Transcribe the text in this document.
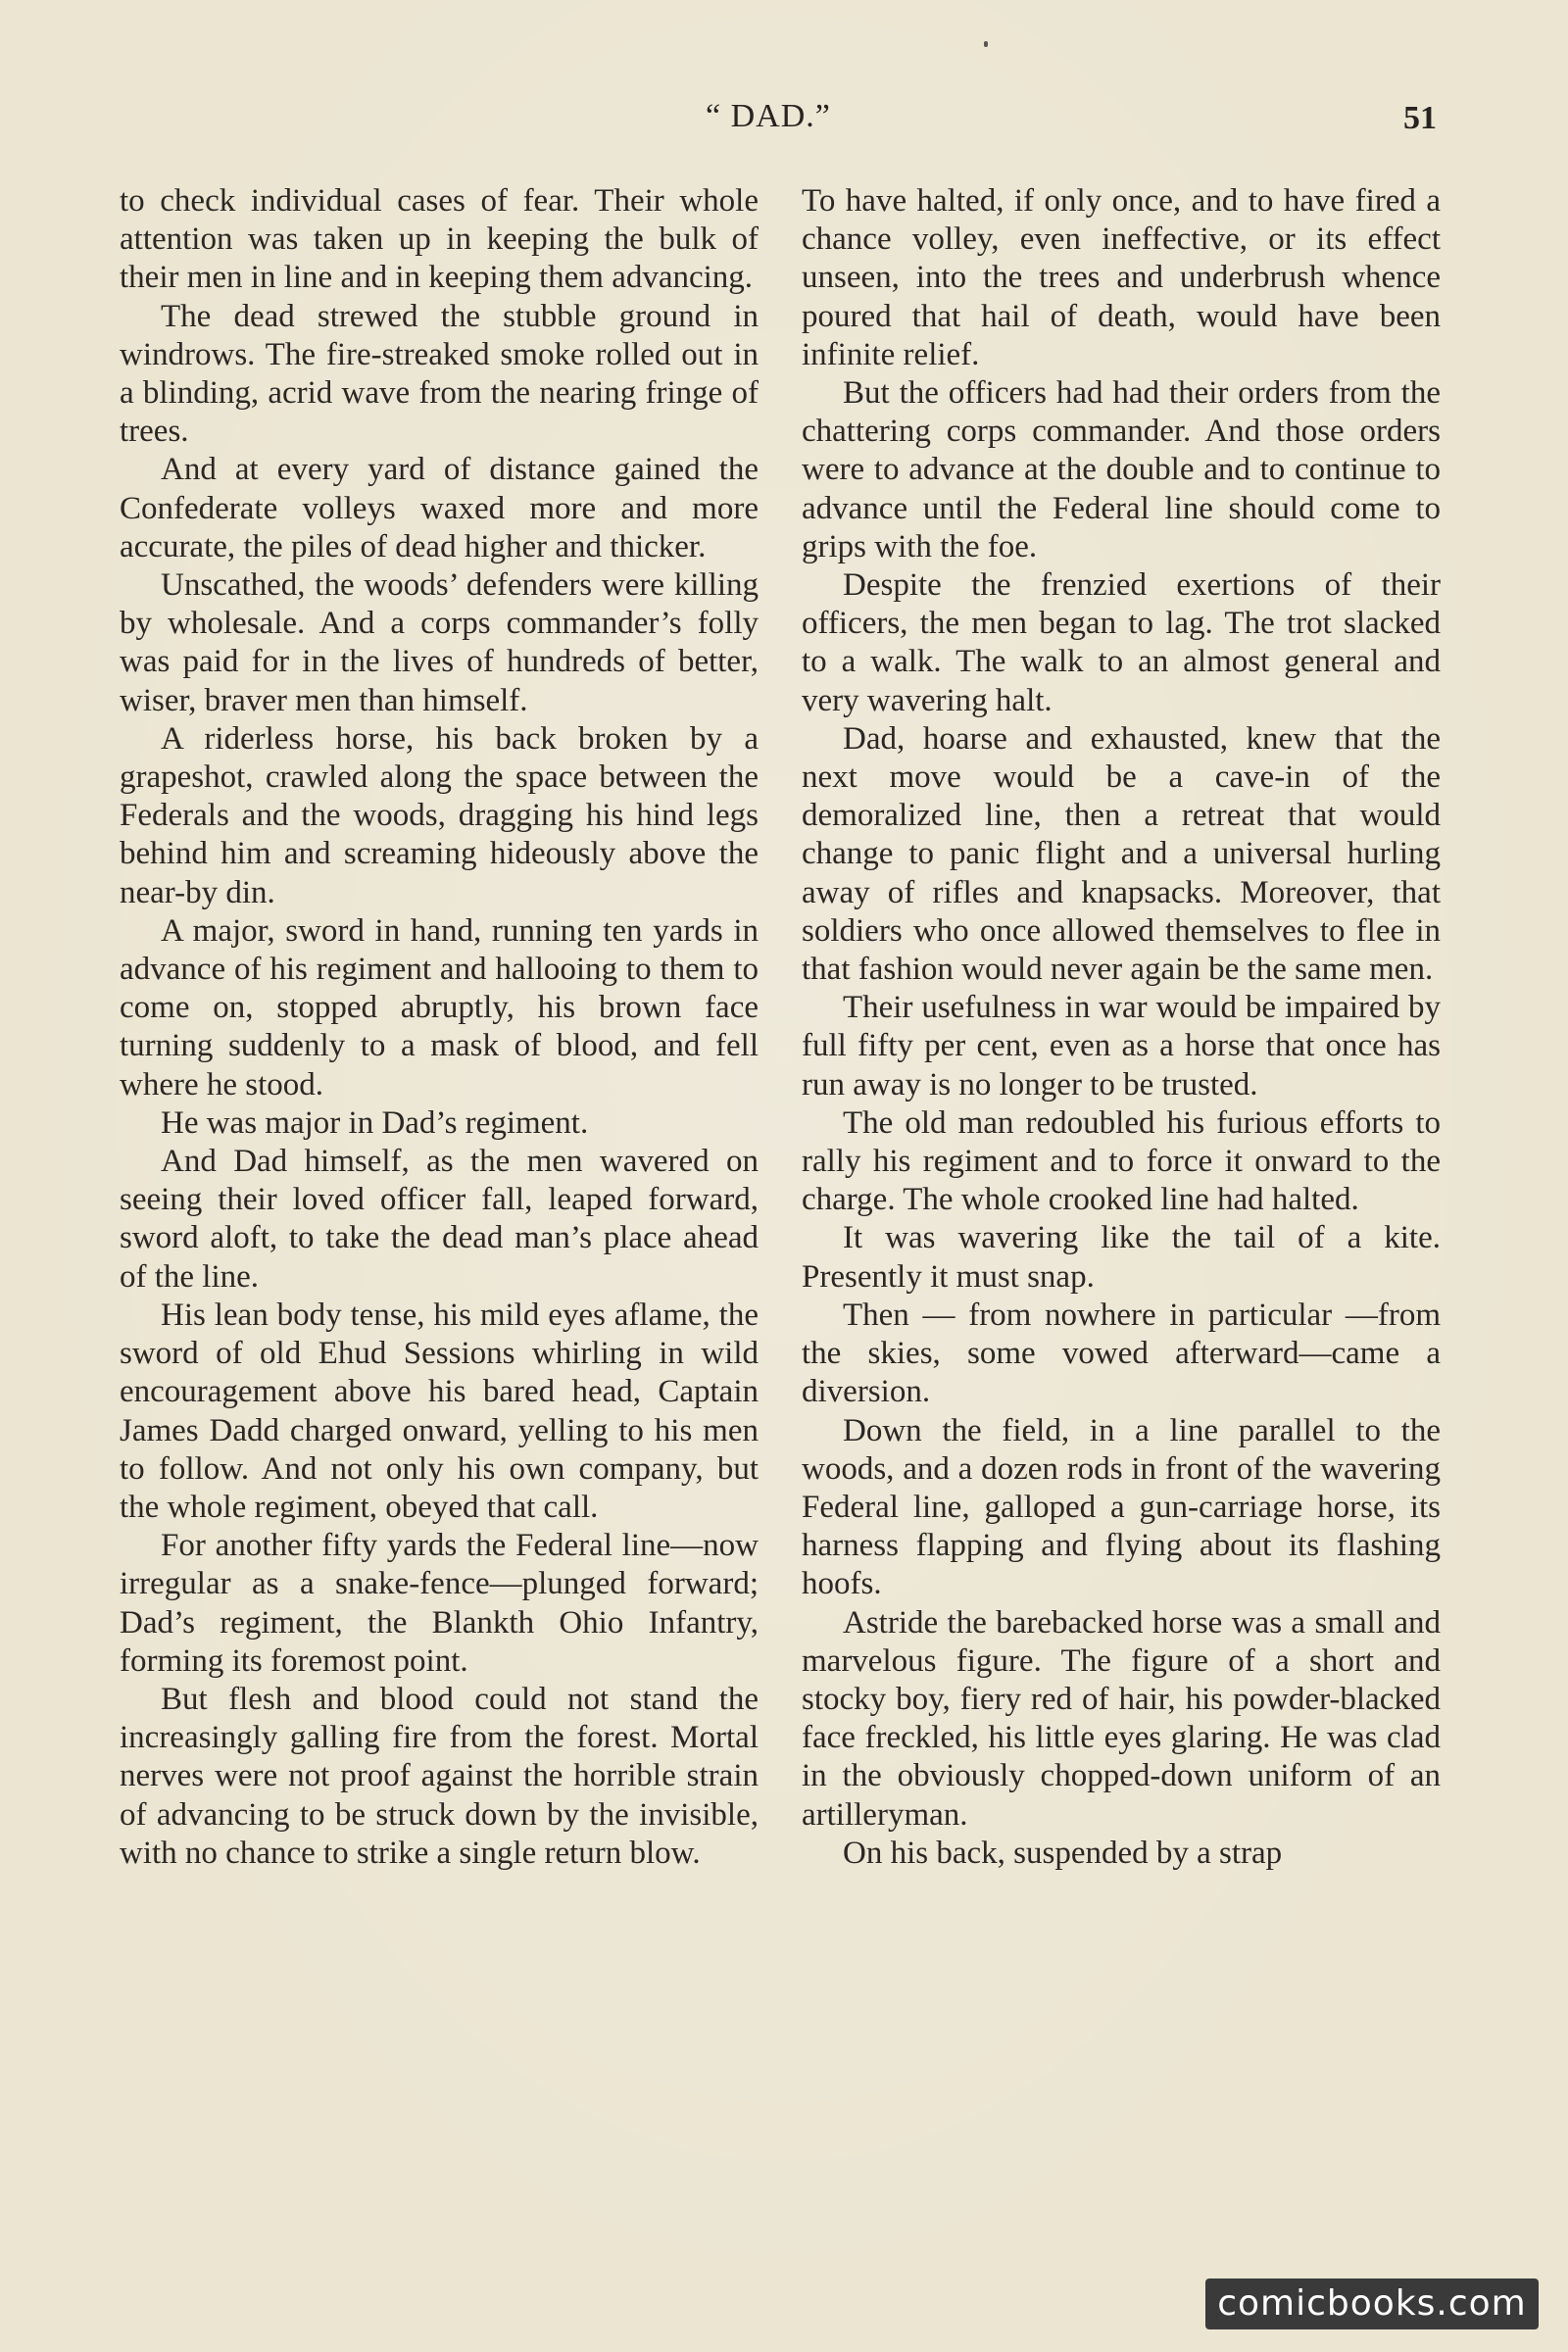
“ DAD.”	51

to check individual cases of fear. Their whole attention was taken up in keeping the bulk of their men in line and in keeping them advancing.

The dead strewed the stubble ground in windrows. The fire-streaked smoke rolled out in a blinding, acrid wave from the nearing fringe of trees.

And at every yard of distance gained the Confederate volleys waxed more and more accurate, the piles of dead higher and thicker.

Unscathed, the woods’ defenders were killing by wholesale. And a corps commander’s folly was paid for in the lives of hundreds of better, wiser, braver men than himself.

A riderless horse, his back broken by a grapeshot, crawled along the space between the Federals and the woods, dragging his hind legs behind him and screaming hideously above the near-by din.

A major, sword in hand, running ten yards in advance of his regiment and hallooing to them to come on, stopped abruptly, his brown face turning suddenly to a mask of blood, and fell where he stood.

He was major in Dad’s regiment.

And Dad himself, as the men wavered on seeing their loved officer fall, leaped forward, sword aloft, to take the dead man’s place ahead of the line.

His lean body tense, his mild eyes aflame, the sword of old Ehud Sessions whirling in wild encouragement above his bared head, Captain James Dadd charged onward, yelling to his men to follow. And not only his own company, but the whole regiment, obeyed that call.

For another fifty yards the Federal line—now irregular as a snake-fence—plunged forward; Dad’s regiment, the Blankth Ohio Infantry, forming its foremost point.

But flesh and blood could not stand the increasingly galling fire from the forest. Mortal nerves were not proof against the horrible strain of advancing to be struck down by the invisible, with no chance to strike a single return blow.

To have halted, if only once, and to have fired a chance volley, even ineffective, or its effect unseen, into the trees and underbrush whence poured that hail of death, would have been infinite relief.

But the officers had had their orders from the chattering corps commander. And those orders were to advance at the double and to continue to advance until the Federal line should come to grips with the foe.

Despite the frenzied exertions of their officers, the men began to lag. The trot slacked to a walk. The walk to an almost general and very wavering halt.

Dad, hoarse and exhausted, knew that the next move would be a cave-in of the demoralized line, then a retreat that would change to panic flight and a universal hurling away of rifles and knapsacks. Moreover, that soldiers who once allowed themselves to flee in that fashion would never again be the same men.

Their usefulness in war would be impaired by full fifty per cent, even as a horse that once has run away is no longer to be trusted.

The old man redoubled his furious efforts to rally his regiment and to force it onward to the charge. The whole crooked line had halted.

It was wavering like the tail of a kite. Presently it must snap.

Then — from nowhere in particular —from the skies, some vowed afterward—came a diversion.

Down the field, in a line parallel to the woods, and a dozen rods in front of the wavering Federal line, galloped a gun-carriage horse, its harness flapping and flying about its flashing hoofs.

Astride the barebacked horse was a small and marvelous figure. The figure of a short and stocky boy, fiery red of hair, his powder-blacked face freckled, his little eyes glaring. He was clad in the obviously chopped-down uniform of an artilleryman.

On his back, suspended by a strap

comicbooks.com
